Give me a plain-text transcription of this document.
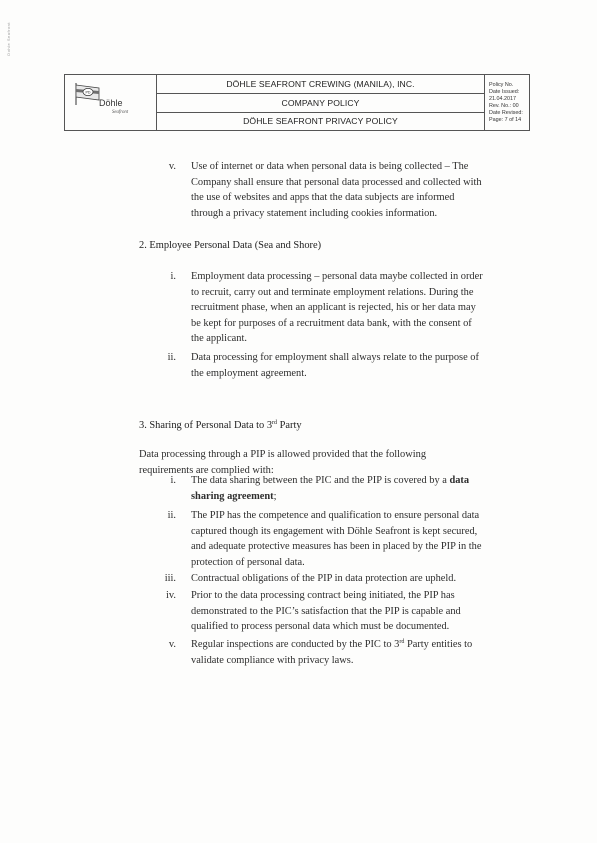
Dohle Seafront
PD
Döhle
Seafront
DÖHLE SEAFRONT CREWING (MANILA), INC.
COMPANY POLICY
DÖHLE SEAFRONT PRIVACY POLICY
Policy No.
Date Issued: 21.04.2017
Rev. No.: 00
Date Revised:
Page: 7 of 14
v. Use of internet or data when personal data is being collected – The
Company shall ensure that personal data processed and collected with
the use of websites and apps that the data subjects are informed
through a privacy statement including cookies information.
2. Employee Personal Data (Sea and Shore)
i. Employment data processing – personal data maybe collected in order
to recruit, carry out and terminate employment relations. During the
recruitment phase, when an applicant is rejected, his or her data may
be kept for purposes of a recruitment data bank, with the consent of
the applicant.
ii. Data processing for employment shall always relate to the purpose of
the employment agreement.
3. Sharing of Personal Data to 3rd Party
Data processing through a PIP is allowed provided that the following
requirements are complied with:
i. The data sharing between the PIC and the PIP is covered by a data
sharing agreement;
ii. The PIP has the competence and qualification to ensure personal data
captured though its engagement with Döhle Seafront is kept secured,
and adequate protective measures has been in placed by the PIP in the
protection of personal data.
iii. Contractual obligations of the PIP in data protection are upheld.
iv. Prior to the data processing contract being initiated, the PIP has
demonstrated to the PIC’s satisfaction that the PIP is capable and
qualified to process personal data which must be documented.
v. Regular inspections are conducted by the PIC to 3rd Party entities to
validate compliance with privacy laws.
